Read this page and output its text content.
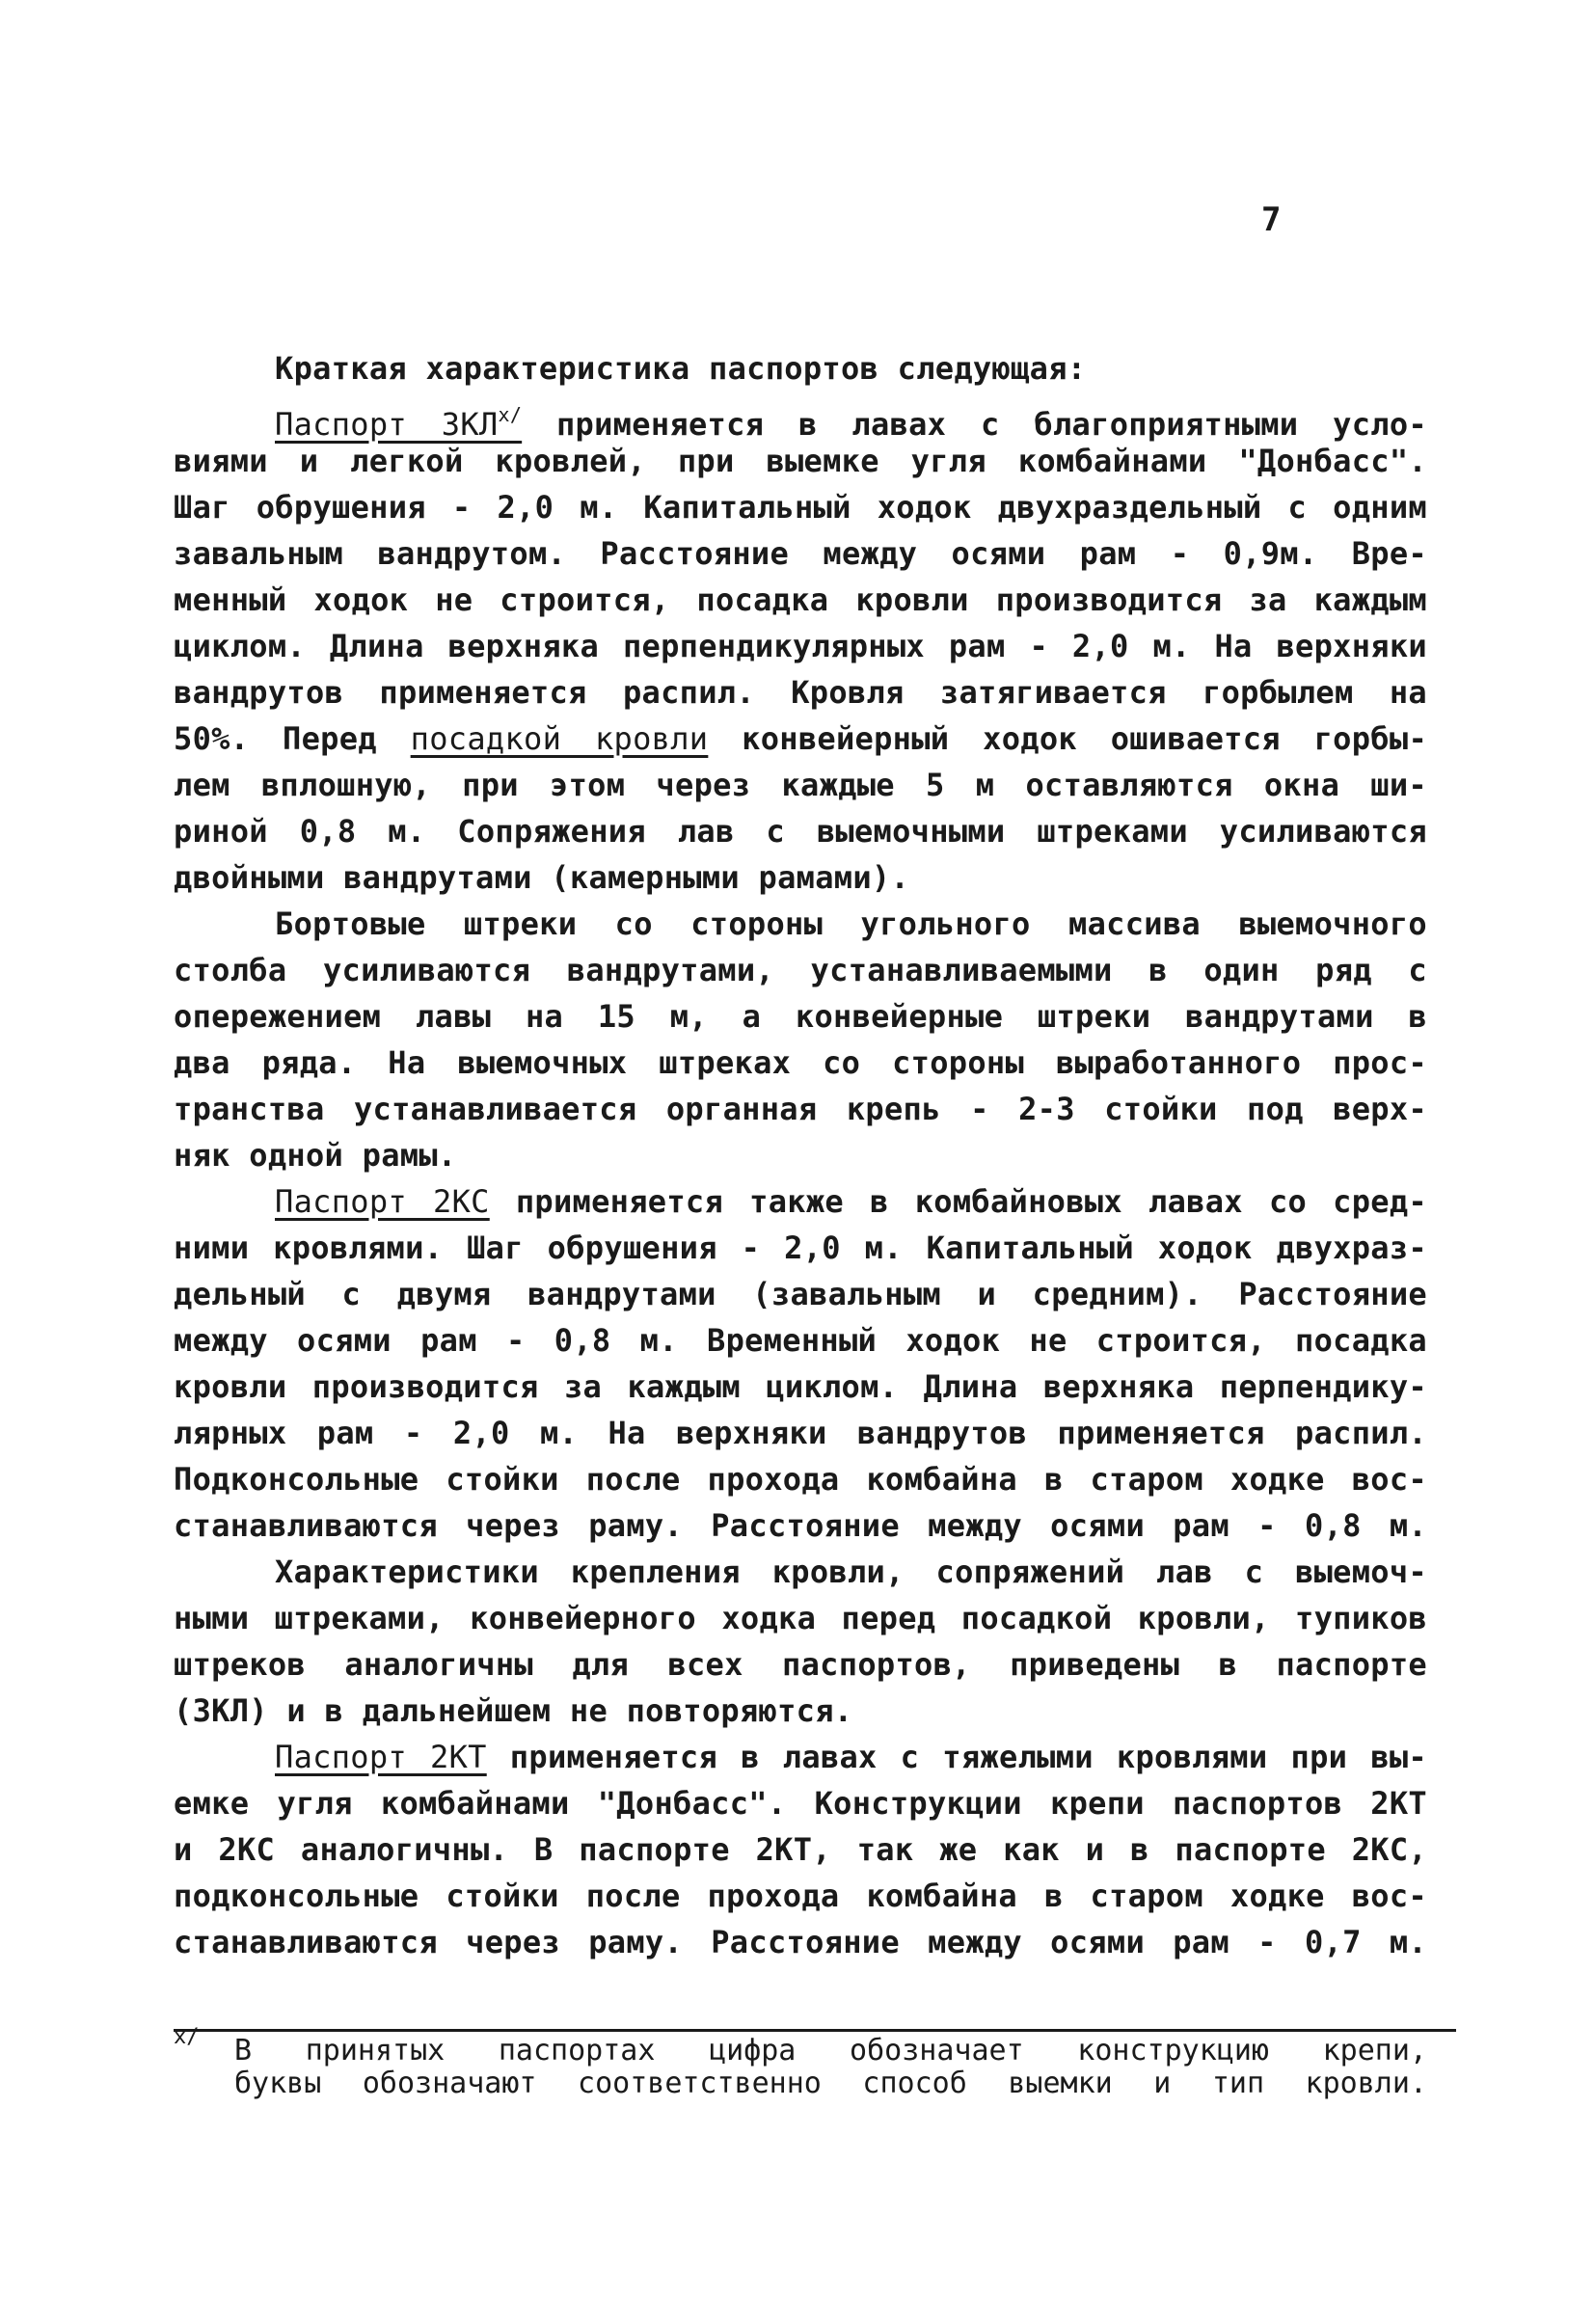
7
Краткая характеристика паспортов следующая:
Паспорт $3КЛ^{х/}$ применяется в лавах с благоприятными усло-
виями и легкой кровлей, при выемке угля комбайнами "Донбасс".
Шаг обрушения - 2,0 м. Капитальный ходок двухраздельный с одним
завальным вандрутом. Расстояние между осями рам - 0,9м. Вре-
менный ходок не строится, посадка кровли производится за каждым
циклом. Длина верхняка перпендикулярных рам - 2,0 м. На верхняки
вандрутов применяется распил. Кровля затягивается горбылем на
50%. Перед посадкой кровли конвейерный ходок ошивается горбы-
лем вплошную, при этом через каждые 5 м оставляются окна ши-
риной 0,8 м. Сопряжения лав с выемочными штреками усиливаются
двойными вандрутами (камерными рамами).
Бортовые штреки со стороны угольного массива выемочного
столба усиливаются вандрутами, устанавливаемыми в один ряд с
опережением лавы на 15 м, а конвейерные штреки вандрутами в
два ряда. На выемочных штреках со стороны выработанного прос-
транства устанавливается органная крепь - 2-3 стойки под верх-
няк одной рамы.
Паспорт 2КС применяется также в комбайновых лавах со сред-
ними кровлями. Шаг обрушения - 2,0 м. Капитальный ходок двухраз-
дельный с двумя вандрутами (завальным и средним). Расстояние
между осями рам - 0,8 м. Временный ходок не строится, посадка
кровли производится за каждым циклом. Длина верхняка перпендику-
лярных рам - 2,0 м. На верхняки вандрутов применяется распил.
Подконсольные стойки после прохода комбайна в старом ходке вос-
станавливаются через раму. Расстояние между осями рам - 0,8 м.
Характеристики крепления кровли, сопряжений лав с выемоч-
ными штреками, конвейерного ходка перед посадкой кровли, тупиков
штреков аналогичны для всех паспортов, приведены в паспорте
(3КЛ) и в дальнейшем не повторяются.
Паспорт 2КТ применяется в лавах с тяжелыми кровлями при вы-
емке угля комбайнами "Донбасс". Конструкции крепи паспортов 2КТ
и 2КС аналогичны. В паспорте 2КТ, так же как и в паспорте 2КС,
подконсольные стойки после прохода комбайна в старом ходке вос-
станавливаются через раму. Расстояние между осями рам - 0,7 м.
х/	В принятых паспортах цифра обозначает конструкцию крепи,
буквы обозначают соответственно способ выемки и тип кровли.
